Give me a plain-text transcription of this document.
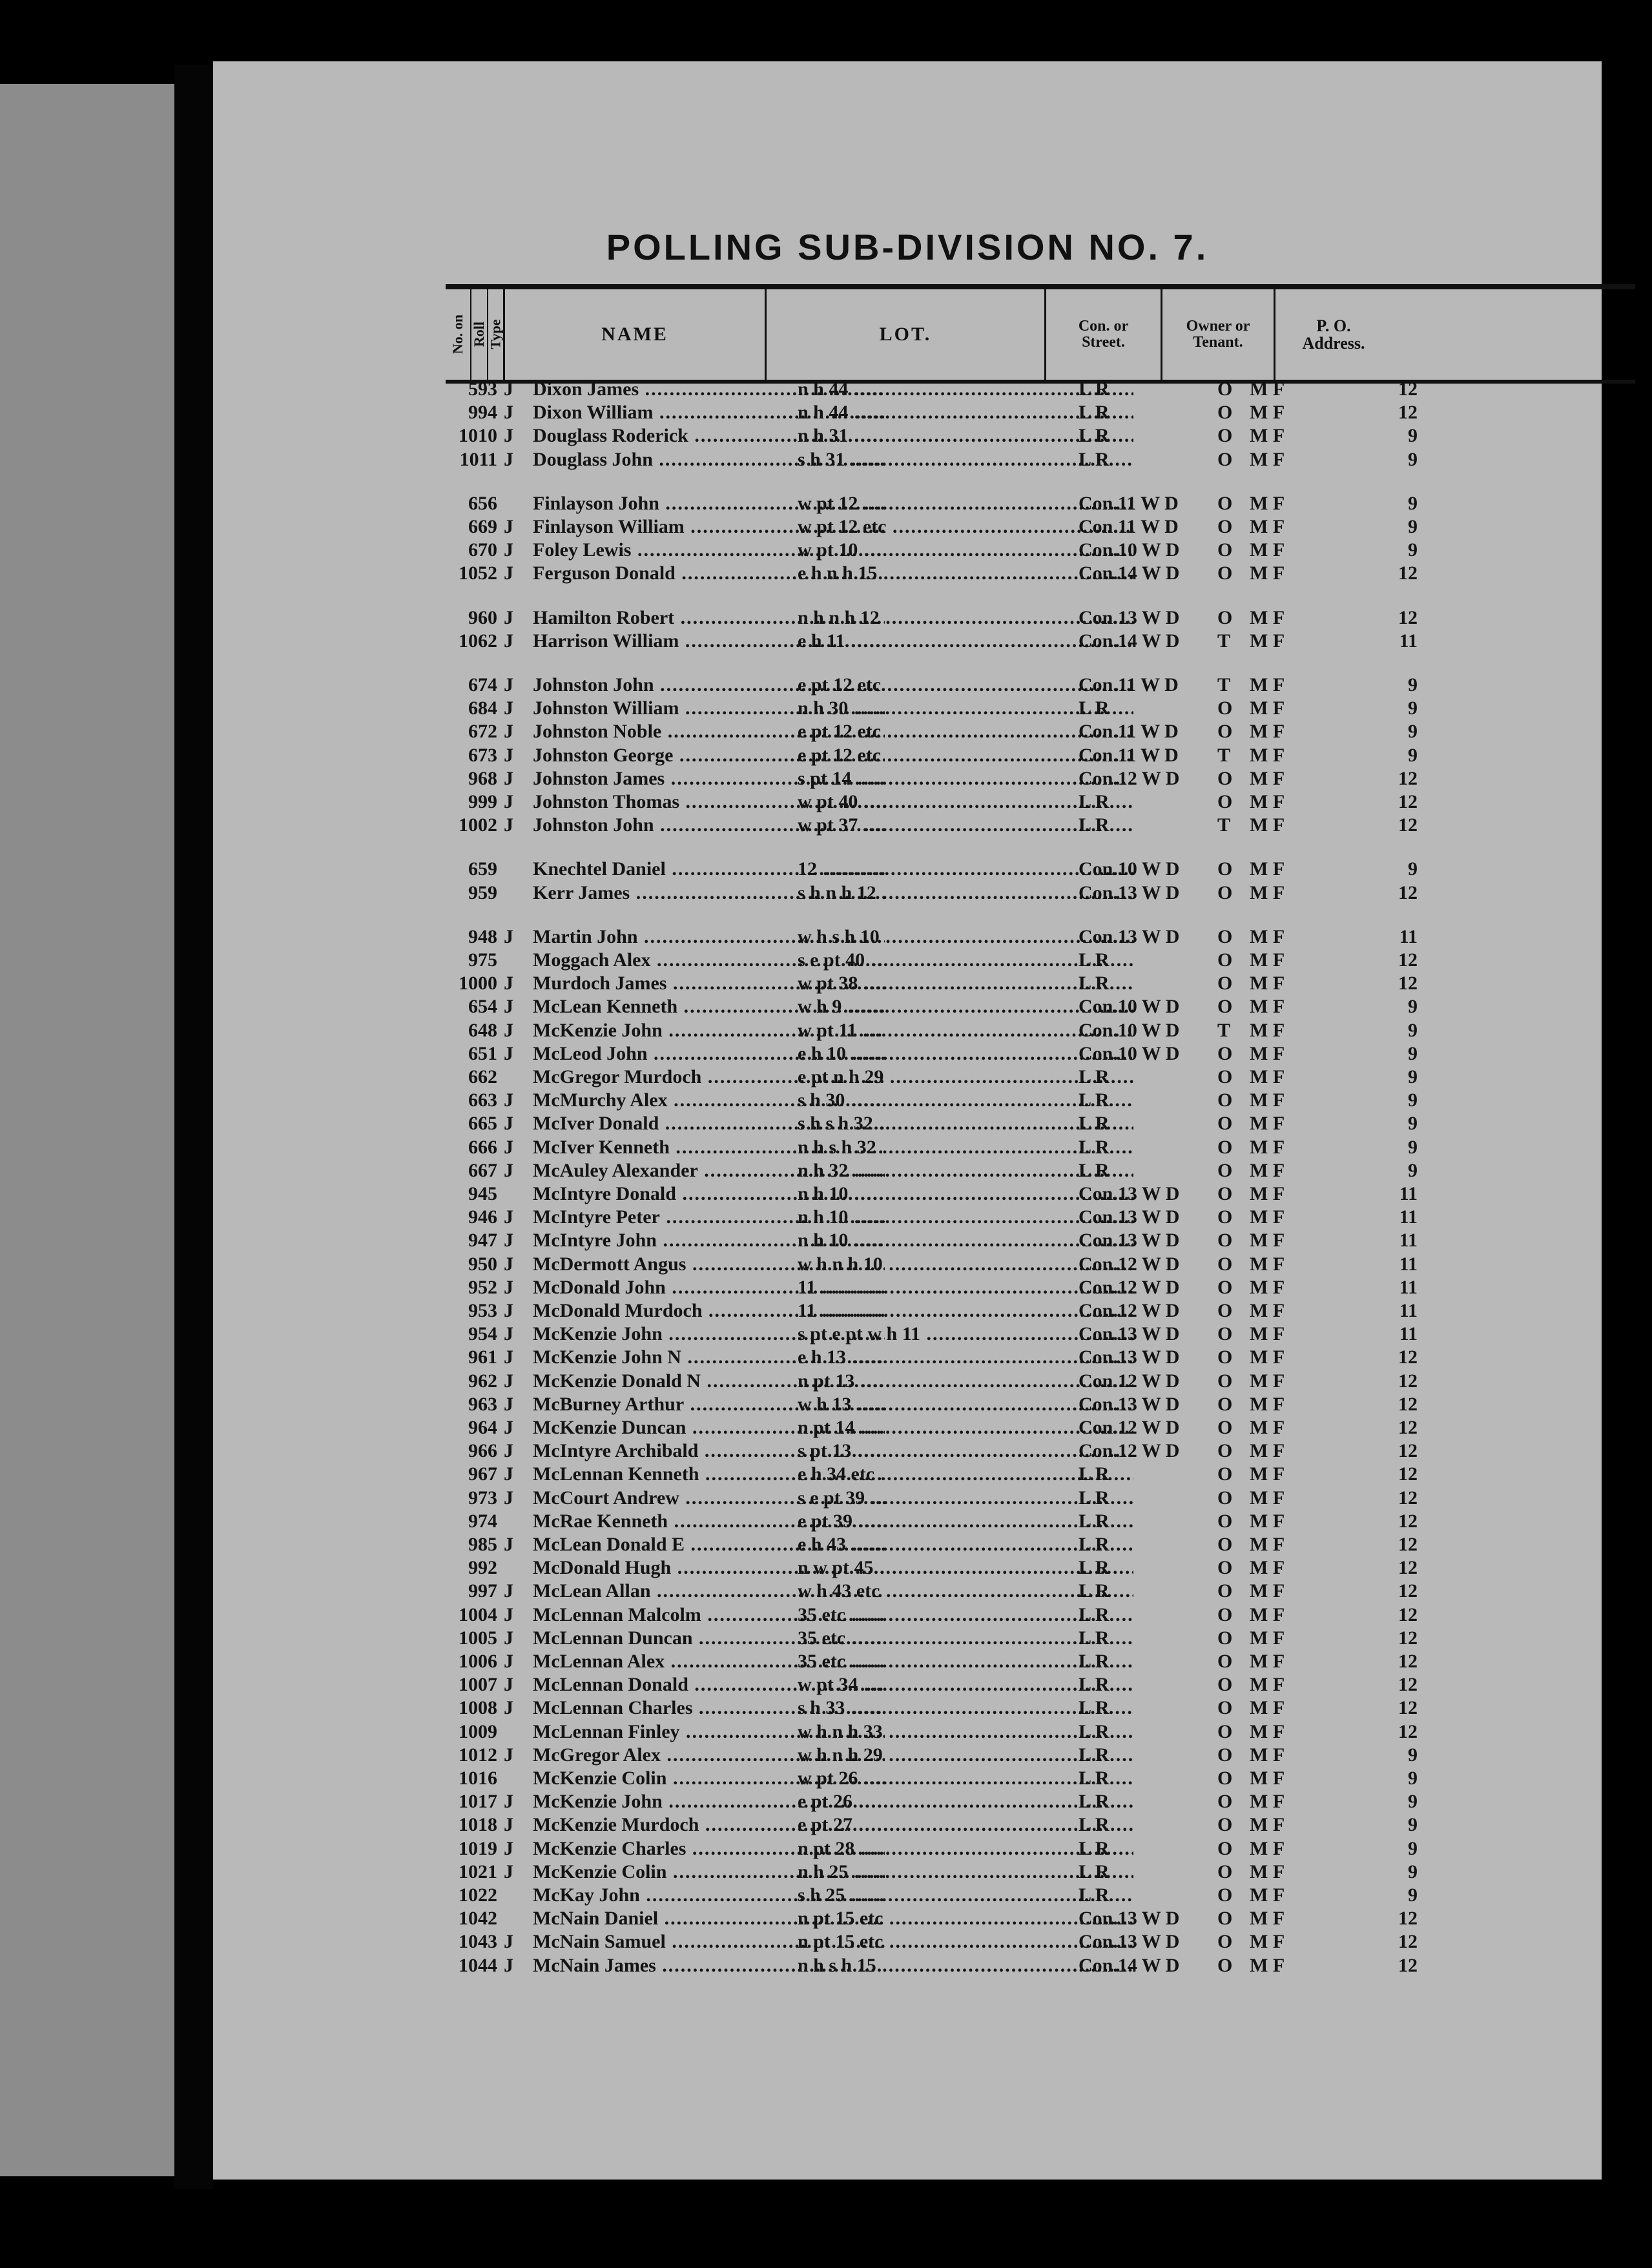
POLLING SUB-DIVISION NO. 7.
No. on Roll Type	NAME	LOT.	Con. or Street.
Owner or Tenant.
P. O. Address.
593 J	Dixon James .....	n h 44 .....	L R	O M F	12
994 J	Dixon William .....	n h 44 .....	L R	O M F	12
1010 J	Douglass Roderick .....	n h 31 .....	L R	O M F	9
1011 J	Douglass John .....	s h 31 .....	L R	O M F	9
656 Finlayson John .....	w pt 12 .....	Con.11 W D	O M F	9
669 J	Finlayson William .....	w pt 12 etc .....	Con.11 W D	O M F	9
670 J	Foley Lewis .....	w pt 10 .....	Con.10 W D	O M F	9
1052 J	Ferguson Donald .....	e h n h 15 .....	Con.14 W D	O M F	12
960 J	Hamilton Robert .....	n h n h 12 .....	Con.13 W D	O M F	12
1062 J	Harrison William .....	e h 11 .....	Con.14 W D	T M F	11
674 J	Johnston John .....	e pt 12 etc .....	Con.11 W D	T M F	9
684 J	Johnston William .....	n h 30 .....	L R	O M F	9
672 J	Johnston Noble .....	e pt 12 etc .....	Con.11 W D	O M F	9
673 J	Johnston George .....	e pt 12 etc .....	Con.11 W D	T M F	9
968 J	Johnston James .....	s pt 14 .....	Con.12 W D	O M F	12
999 J	Johnston Thomas .....	w pt 40 .....	L R	O M F	12
1002 J	Johnston John .....	w pt 37 .....	L R	T M F	12
659 Knechtel Daniel .....	12 .....	Con.10 W D	O M F	9
959 Kerr James .....	s h n h 12 .....	Con.13 W D	O M F	12
948 J	Martin John .....	w h s h 10 .....	Con.13 W D	O M F	11
975 Moggach Alex .....	s e pt 40 .....	L R	O M F	12
1000 J	Murdoch James .....	w pt 38 .....	L R	O M F	12
654 J	McLean Kenneth .....	w h 9 .....	Con.10 W D	O M F	9
648 J	McKenzie John .....	w pt 11 .....	Con.10 W D	T M F	9
651 J	McLeod John .....	e h 10 .....	Con.10 W D	O M F	9
662 McGregor Murdoch .....	e pt n h 29 .....	L R	O M F	9
663 J	McMurchy Alex .....	s h 30 .....	L R	O M F	9
665 J	McIver Donald .....	s h s h 32 .....	L R	O M F	9
666 J	McIver Kenneth .....	n h s h 32 .....	L R	O M F	9
667 J	McAuley Alexander .....	n h 32 .....	L R	O M F	9
945 McIntyre Donald .....	n h 10 .....	Con.13 W D	O M F	11
946 J	McIntyre Peter .....	n h 10 .....	Con.13 W D	O M F	11
947 J	McIntyre John .....	n h 10 .....	Con.13 W D	O M F	11
950 J	McDermott Angus .....	w h n h 10 .....	Con.12 W D	O M F	11
952 J	McDonald John .....	11 .....	Con.12 W D	O M F	11
953 J	McDonald Murdoch .....	11 .....	Con.12 W D	O M F	11
954 J	McKenzie John .....	s pt e pt w h 11 .....	Con.13 W D	O M F	11
961 J	McKenzie John N .....	e h 13 .....	Con.13 W D	O M F	12
962 J	McKenzie Donald N .....	n pt 13 .....	Con.12 W D	O M F	12
963 J	McBurney Arthur .....	w h 13 .....	Con.13 W D	O M F	12
964 J	McKenzie Duncan .....	n pt 14 .....	Con.12 W D	O M F	12
966 J	McIntyre Archibald .....	s pt 13 .....	Con.12 W D	O M F	12
967 J	McLennan Kenneth .....	e h 34 etc .....	L R	O M F	12
973 J	McCourt Andrew .....	s e pt 39 .....	L R	O M F	12
974 McRae Kenneth .....	e pt 39 .....	L R	O M F	12
985 J	McLean Donald E .....	e h 43 .....	L R	O M F	12
992 McDonald Hugh .....	n w pt 45 .....	L R	O M F	12
997 J	McLean Allan .....	w h 43 etc .....	L R	O M F	12
1004 J	McLennan Malcolm .....	35 etc .....	L R	O M F	12
1005 J	McLennan Duncan .....	35 etc .....	L R	O M F	12
1006 J	McLennan Alex .....	35 etc .....	L R	O M F	12
1007 J	McLennan Donald .....	w pt 34 .....	L R	O M F	12
1008 J	McLennan Charles .....	s h 33 .....	L R	O M F	12
1009 McLennan Finley .....	w h n h 33 .....	L R	O M F	12
1012 J	McGregor Alex .....	w h n h 29 .....	L R	O M F	9
1016 McKenzie Colin .....	w pt 26 .....	L R	O M F	9
1017 J	McKenzie John .....	e pt 26 .....	L R	O M F	9
1018 J	McKenzie Murdoch .....	e pt 27 .....	L R	O M F	9
1019 J	McKenzie Charles .....	n pt 28 .....	L R	O M F	9
1021 J	McKenzie Colin .....	n h 25 .....	L R	O M F	9
1022 McKay John .....	s h 25 .....	L R	O M F	9
1042 McNain Daniel .....	n pt 15 etc .....	Con.13 W D	O M F	12
1043 J	McNain Samuel .....	n pt 15 etc .....	Con.13 W D	O M F	12
1044 J	McNain James .....	n h s h 15 .....	Con.14 W D	O M F	12
